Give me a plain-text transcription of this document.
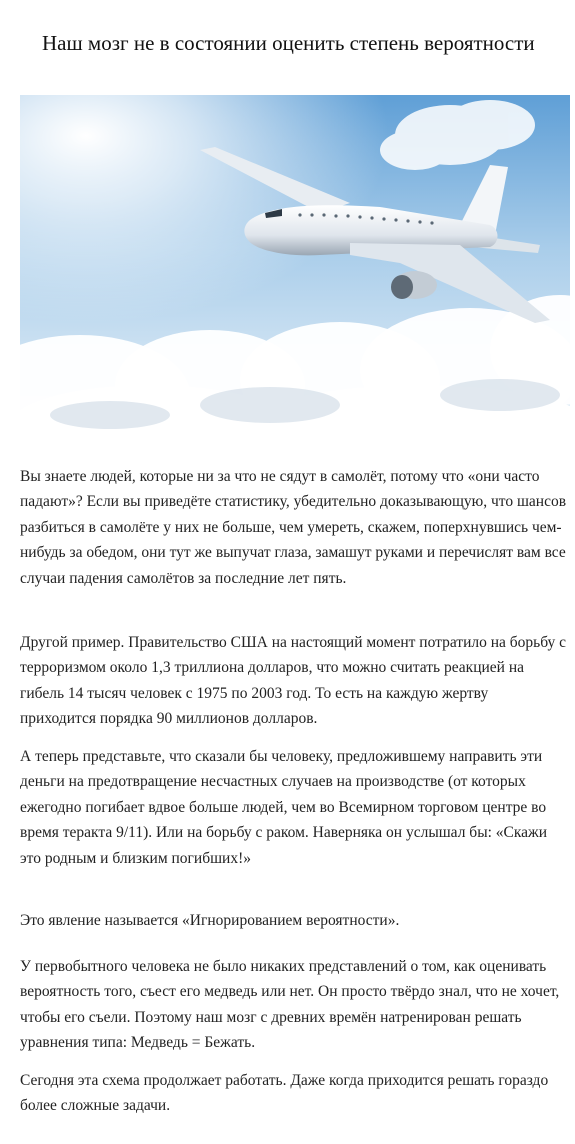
Наш мозг не в состоянии оценить степень вероятности

Вы знаете людей, которые ни за что не сядут в самолёт, потому что «они часто падают»? Если вы приведёте статистику, убедительно доказывающую, что шансов разбиться в самолёте у них не больше, чем умереть, скажем, поперхнувшись чем-нибудь за обедом, они тут же выпучат глаза, замашут руками и перечислят вам все случаи падения самолётов за последние лет пять.

Другой пример. Правительство США на настоящий момент потратило на борьбу с терроризмом около 1,3 триллиона долларов, что можно считать реакцией на гибель 14 тысяч человек с 1975 по 2003 год. То есть на каждую жертву приходится порядка 90 миллионов долларов.

А теперь представьте, что сказали бы человеку, предложившему направить эти деньги на предотвращение несчастных случаев на производстве (от которых ежегодно погибает вдвое больше людей, чем во Всемирном торговом центре во время теракта 9/11). Или на борьбу с раком. Наверняка он услышал бы: «Скажи это родным и близким погибших!»

Это явление называется «Игнорированием вероятности».

У первобытного человека не было никаких представлений о том, как оценивать вероятность того, съест его медведь или нет. Он просто твёрдо знал, что не хочет, чтобы его съели. Поэтому наш мозг с древних времён натренирован решать уравнения типа: Медведь = Бежать.

Сегодня эта схема продолжает работать. Даже когда приходится решать гораздо более сложные задачи.
